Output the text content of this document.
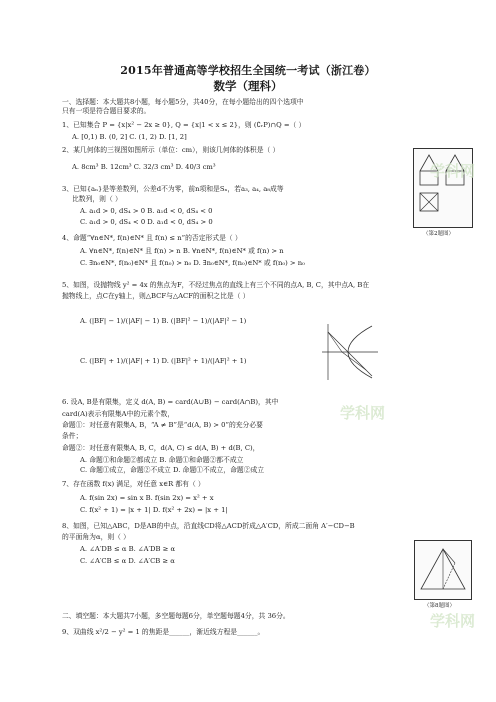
2015年普通高等学校招生全国统一考试（浙江卷）
数学（理科）
一、选择题：本大题共8小题，每小题5分，共40分，在每小题给出的四个选项中
只有一项是符合题目要求的。
1、已知集合 P = {x|x² − 2x ≥ 0}, Q = {x|1 < x ≤ 2}，则 (∁ᵣP)∩Q =（ ）
A. [0,1) B. (0, 2] C. (1, 2) D. [1, 2]
2、某几何体的三视图如图所示（单位：cm），则该几何体的体积是（ ）
A. 8cm³ B. 12cm³ C. 32/3 cm³ D. 40/3 cm³
3、已知{aₙ}是等差数列，公差d不为零，前n项和是Sₙ，若a₃, a₄, a₈成等
比数列，则（ ）
A. a₁d > 0, dS₄ > 0 B. a₁d < 0, dS₄ < 0
C. a₁d > 0, dS₄ < 0 D. a₁d < 0, dS₄ > 0
4、命题“∀n∈N*, f(n)∈N* 且 f(n) ≤ n”的否定形式是（ ）
A. ∀n∈N*, f(n)∈N* 且 f(n) > n B. ∀n∈N*, f(n)∈N* 或 f(n) > n
C. ∃n₀∈N*, f(n₀)∈N* 且 f(n₀) > n₀ D. ∃n₀∈N*, f(n₀)∈N* 或 f(n₀) > n₀
5、如图，设抛物线 y² = 4x 的焦点为F，不经过焦点的直线上有三个不同的点A, B, C，其中点A, B在
抛物线上，点C在y轴上，则△BCF与△ACF的面积之比是（ ）
A. (|BF| − 1)/(|AF| − 1) B. (|BF|² − 1)/(|AF|² − 1)
C. (|BF| + 1)/(|AF| + 1) D. (|BF|² + 1)/(|AF|² + 1)
6. 设A, B是有限集，定义 d(A, B) = card(A∪B) − card(A∩B)，其中
card(A)表示有限集A中的元素个数，
命题①：对任意有限集A, B，“A ≠ B”是“d(A, B) > 0”的充分必要
条件；
命题②：对任意有限集A, B, C，d(A, C) ≤ d(A, B) + d(B, C)，
A. 命题①和命题②都成立 B. 命题①和命题②都不成立
C. 命题①成立，命题②不成立 D. 命题①不成立，命题②成立
7、存在函数 f(x) 满足，对任意 x∈R 都有（ ）
A. f(sin 2x) = sin x B. f(sin 2x) = x² + x
C. f(x² + 1) = |x + 1| D. f(x² + 2x) = |x + 1|
8、如图，已知△ABC，D是AB的中点，沿直线CD将△ACD折成△A′CD，所成二面角 A′−CD−B
的平面角为α，则（ ）
A. ∠A′DB ≤ α B. ∠A′DB ≥ α
C. ∠A′CB ≤ α D. ∠A′CB ≥ α
二、填空题：本大题共7小题，多空题每题6分，单空题每题4分，共 36分。
9、双曲线 x²/2 − y² = 1 的焦距是______，渐近线方程是______。
（第2题图）
（第8题图）
学科网
学科网
学科网
